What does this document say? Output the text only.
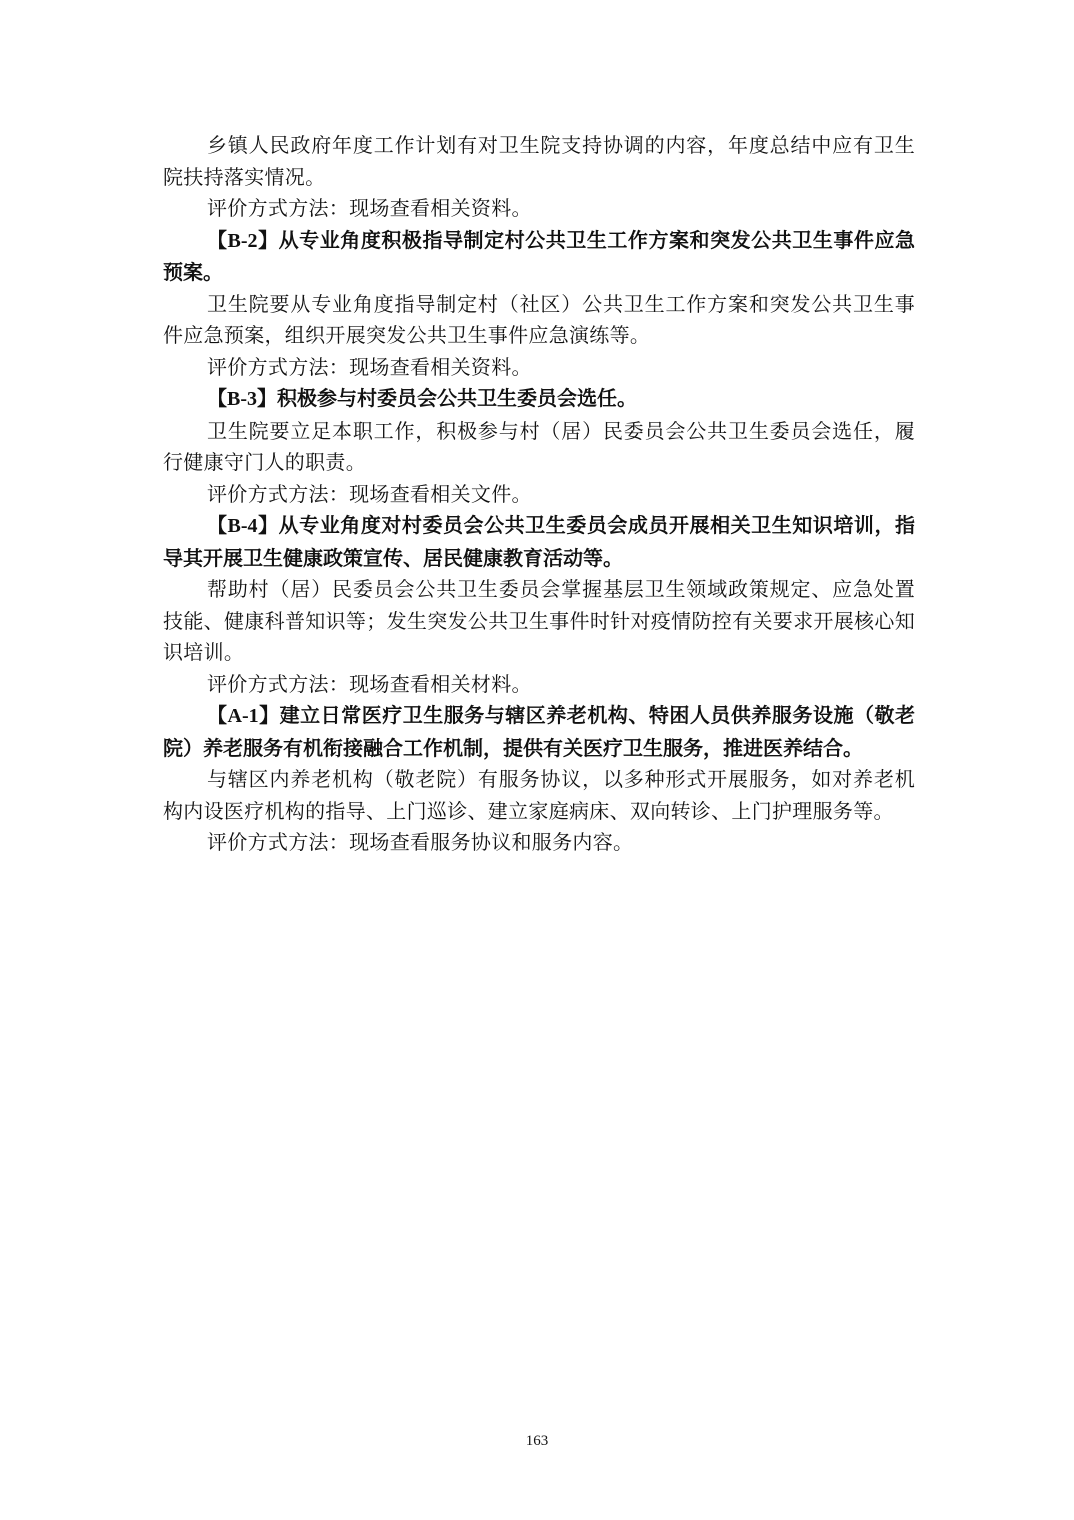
乡镇人民政府年度工作计划有对卫生院支持协调的内容，年度总结中应有卫生院扶持落实情况。

评价方式方法：现场查看相关资料。

【B-2】从专业角度积极指导制定村公共卫生工作方案和突发公共卫生事件应急预案。

卫生院要从专业角度指导制定村（社区）公共卫生工作方案和突发公共卫生事件应急预案，组织开展突发公共卫生事件应急演练等。

评价方式方法：现场查看相关资料。

【B-3】积极参与村委员会公共卫生委员会选任。

卫生院要立足本职工作，积极参与村（居）民委员会公共卫生委员会选任，履行健康守门人的职责。

评价方式方法：现场查看相关文件。

【B-4】从专业角度对村委员会公共卫生委员会成员开展相关卫生知识培训，指导其开展卫生健康政策宣传、居民健康教育活动等。

帮助村（居）民委员会公共卫生委员会掌握基层卫生领域政策规定、应急处置技能、健康科普知识等；发生突发公共卫生事件时针对疫情防控有关要求开展核心知识培训。

评价方式方法：现场查看相关材料。

【A-1】建立日常医疗卫生服务与辖区养老机构、特困人员供养服务设施（敬老院）养老服务有机衔接融合工作机制，提供有关医疗卫生服务，推进医养结合。

与辖区内养老机构（敬老院）有服务协议，以多种形式开展服务，如对养老机构内设医疗机构的指导、上门巡诊、建立家庭病床、双向转诊、上门护理服务等。

评价方式方法：现场查看服务协议和服务内容。

163
